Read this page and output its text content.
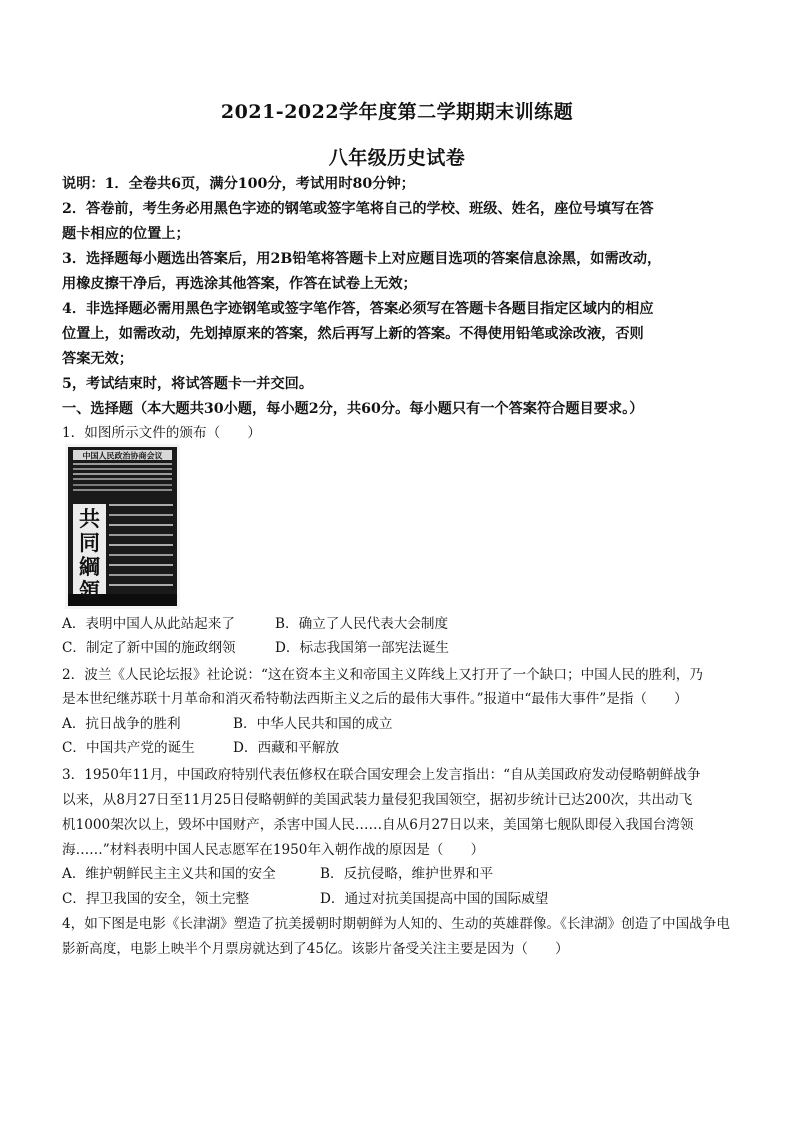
2021-2022学年度第二学期期末训练题
八年级历史试卷
说明：1．全卷共6页，满分100分，考试用时80分钟；
2．答卷前，考生务必用黑色字迹的钢笔或签字笔将自己的学校、班级、姓名，座位号填写在答
题卡相应的位置上；
3．选择题每小题选出答案后，用2B铅笔将答题卡上对应题目选项的答案信息涂黑，如需改动，
用橡皮擦干净后，再选涂其他答案，作答在试卷上无效；
4．非选择题必需用黑色字迹钢笔或签字笔作答，答案必须写在答题卡各题目指定区域内的相应
位置上，如需改动，先划掉原来的答案，然后再写上新的答案。不得使用铅笔或涂改液，否则
答案无效；
5，考试结束时，将试答题卡一并交回。
一、选择题（本大题共30小题，每小题2分，共60分。每小题只有一个答案符合题目要求。）
1．如图所示文件的颁布（　　）
中国人民政治协商会议
共
同
綱
領
A．表明中国人从此站起来了	B．确立了人民代表大会制度
C．制定了新中国的施政纲领	D．标志我国第一部宪法诞生
2．波兰《人民论坛报》社论说：“这在资本主义和帝国主义阵线上又打开了一个缺口；中国人民的胜利，乃
是本世纪继苏联十月革命和消灭希特勒法西斯主义之后的最伟大事件。”报道中“最伟大事件”是指（　　）
A．抗日战争的胜利	B．中华人民共和国的成立
C．中国共产党的诞生	D．西藏和平解放
3．1950年11月，中国政府特别代表伍修权在联合国安理会上发言指出：“自从美国政府发动侵略朝鲜战争
以来，从8月27日至11月25日侵略朝鲜的美国武装力量侵犯我国领空，据初步统计已达200次，共出动飞
机1000架次以上，毁坏中国财产，杀害中国人民……自从6月27日以来，美国第七舰队即侵入我国台湾领
海……”材料表明中国人民志愿军在1950年入朝作战的原因是（　　）
A．维护朝鲜民主主义共和国的安全	B．反抗侵略，维护世界和平
C．捍卫我国的安全，领土完整	D．通过对抗美国提高中国的国际威望
4，如下图是电影《长津湖》塑造了抗美援朝时期朝鲜为人知的、生动的英雄群像。《长津湖》创造了中国战争电
影新高度，电影上映半个月票房就达到了45亿。该影片备受关注主要是因为（　　）
